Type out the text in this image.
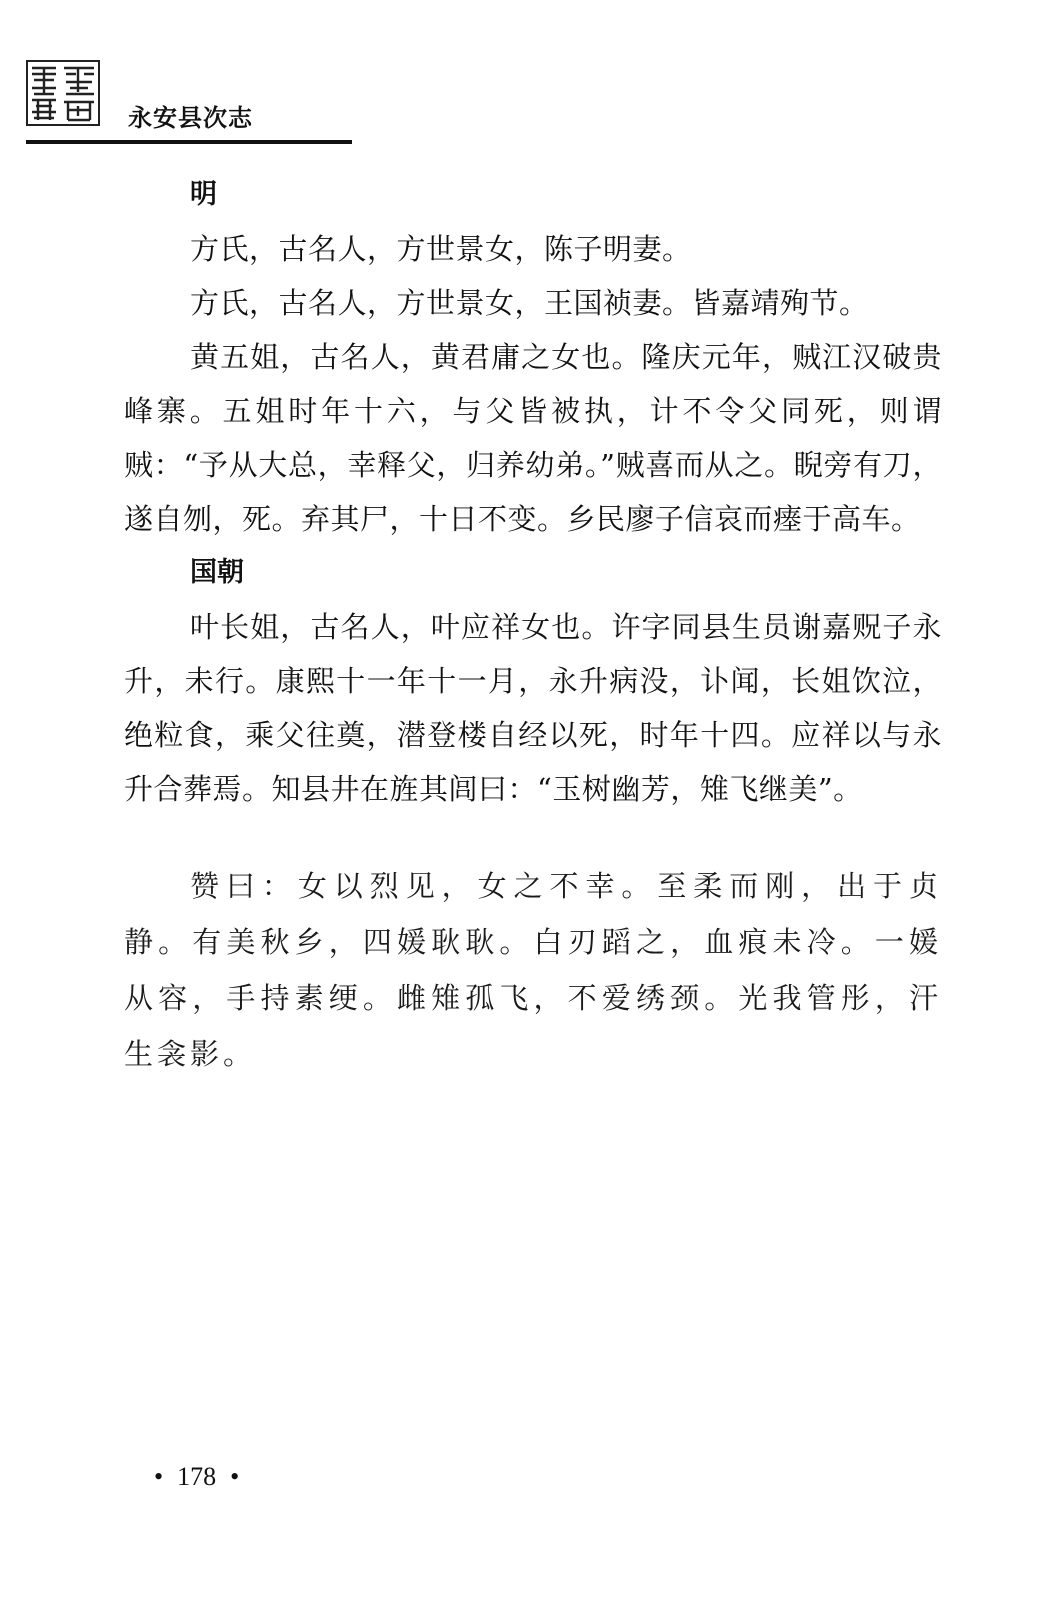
永安县次志

明

方氏，古名人，方世景女，陈子明妻。

方氏，古名人，方世景女，王国祯妻。皆嘉靖殉节。

黄五姐，古名人，黄君庸之女也。隆庆元年，贼江汉破贵峰寨。五姐时年十六，与父皆被执，计不令父同死，则谓贼：“予从大总，幸释父，归养幼弟。”贼喜而从之。睨旁有刀，遂自刎，死。弃其尸，十日不变。乡民廖子信哀而瘗于高车。

国朝

叶长姐，古名人，叶应祥女也。许字同县生员谢嘉贶子永升，未行。康熙十一年十一月，永升病没，讣闻，长姐饮泣，绝粒食，乘父往奠，潜登楼自经以死，时年十四。应祥以与永升合葬焉。知县井在旌其闾曰：“玉树幽芳，雉飞继美”。

赞曰：女以烈见，女之不幸。至柔而刚，出于贞静。有美秋乡，四媛耿耿。白刃蹈之，血痕未冷。一媛从容，手持素绠。雌雉孤飞，不爱绣颈。光我管彤，汗生衾影。

• 178 •
